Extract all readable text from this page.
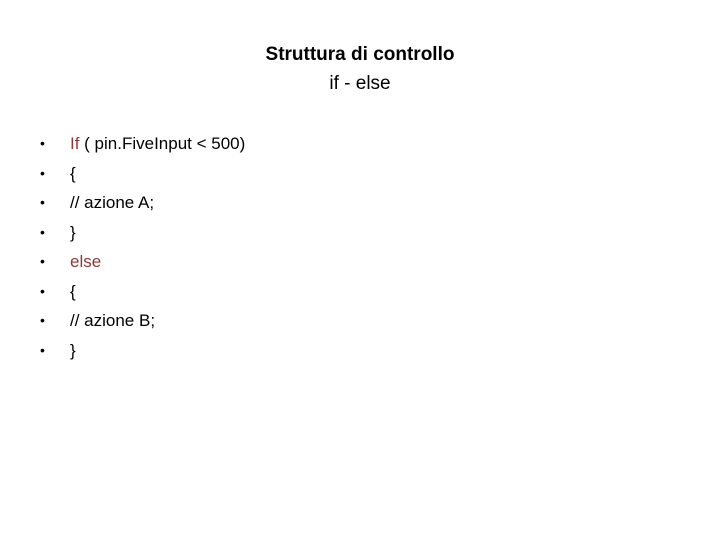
Struttura di controllo
if - else
• If ( pin.FiveInput < 500)
• {
• // azione A;
• }
• else
• {
• // azione B;
• }
